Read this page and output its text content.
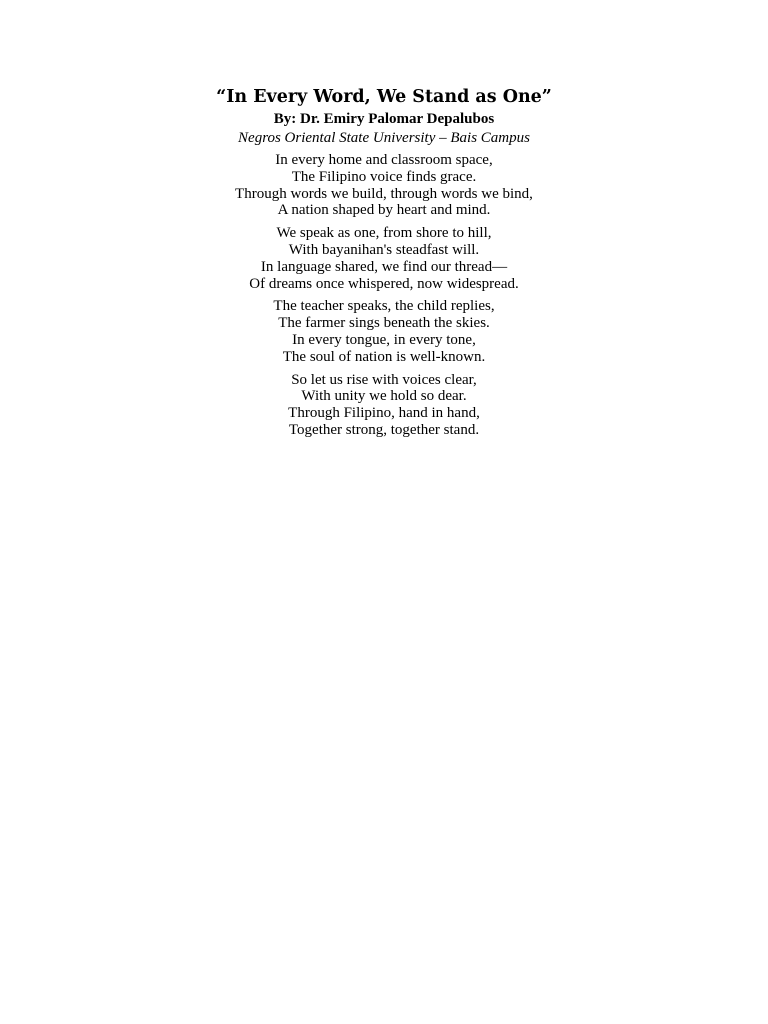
“In Every Word, We Stand as One”
By: Dr. Emiry Palomar Depalubos
Negros Oriental State University – Bais Campus
In every home and classroom space,
The Filipino voice finds grace.
Through words we build, through words we bind,
A nation shaped by heart and mind.
We speak as one, from shore to hill,
With bayanihan's steadfast will.
In language shared, we find our thread—
Of dreams once whispered, now widespread.
The teacher speaks, the child replies,
The farmer sings beneath the skies.
In every tongue, in every tone,
The soul of nation is well-known.
So let us rise with voices clear,
With unity we hold so dear.
Through Filipino, hand in hand,
Together strong, together stand.
